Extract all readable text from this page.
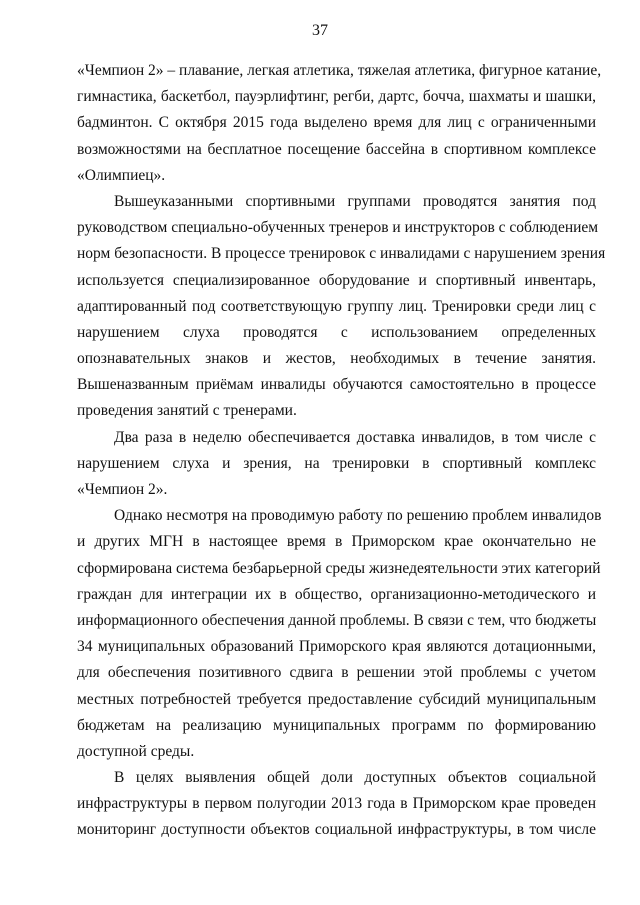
37
«Чемпион 2» – плавание, легкая атлетика, тяжелая атлетика, фигурное катание,
гимнастика, баскетбол, пауэрлифтинг, регби, дартс, бочча, шахматы и шашки,
бадминтон. С октября 2015 года выделено время для лиц с ограниченными
возможностями на бесплатное посещение бассейна в спортивном комплексе
«Олимпиец».
Вышеуказанными спортивными группами проводятся занятия под
руководством специально-обученных тренеров и инструкторов с соблюдением
норм безопасности. В процессе тренировок с инвалидами с нарушением зрения
используется специализированное оборудование и спортивный инвентарь,
адаптированный под соответствующую группу лиц. Тренировки среди лиц с
нарушением слуха проводятся с использованием определенных
опознавательных знаков и жестов, необходимых в течение занятия.
Вышеназванным приёмам инвалиды обучаются самостоятельно в процессе
проведения занятий с тренерами.
Два раза в неделю обеспечивается доставка инвалидов, в том числе с
нарушением слуха и зрения, на тренировки в спортивный комплекс
«Чемпион 2».
Однако несмотря на проводимую работу по решению проблем инвалидов
и других МГН в настоящее время в Приморском крае окончательно не
сформирована система безбарьерной среды жизнедеятельности этих категорий
граждан для интеграции их в общество, организационно-методического и
информационного обеспечения данной проблемы. В связи с тем, что бюджеты
34 муниципальных образований Приморского края являются дотационными,
для обеспечения позитивного сдвига в решении этой проблемы с учетом
местных потребностей требуется предоставление субсидий муниципальным
бюджетам на реализацию муниципальных программ по формированию
доступной среды.
В целях выявления общей доли доступных объектов социальной
инфраструктуры в первом полугодии 2013 года в Приморском крае проведен
мониторинг доступности объектов социальной инфраструктуры, в том числе
